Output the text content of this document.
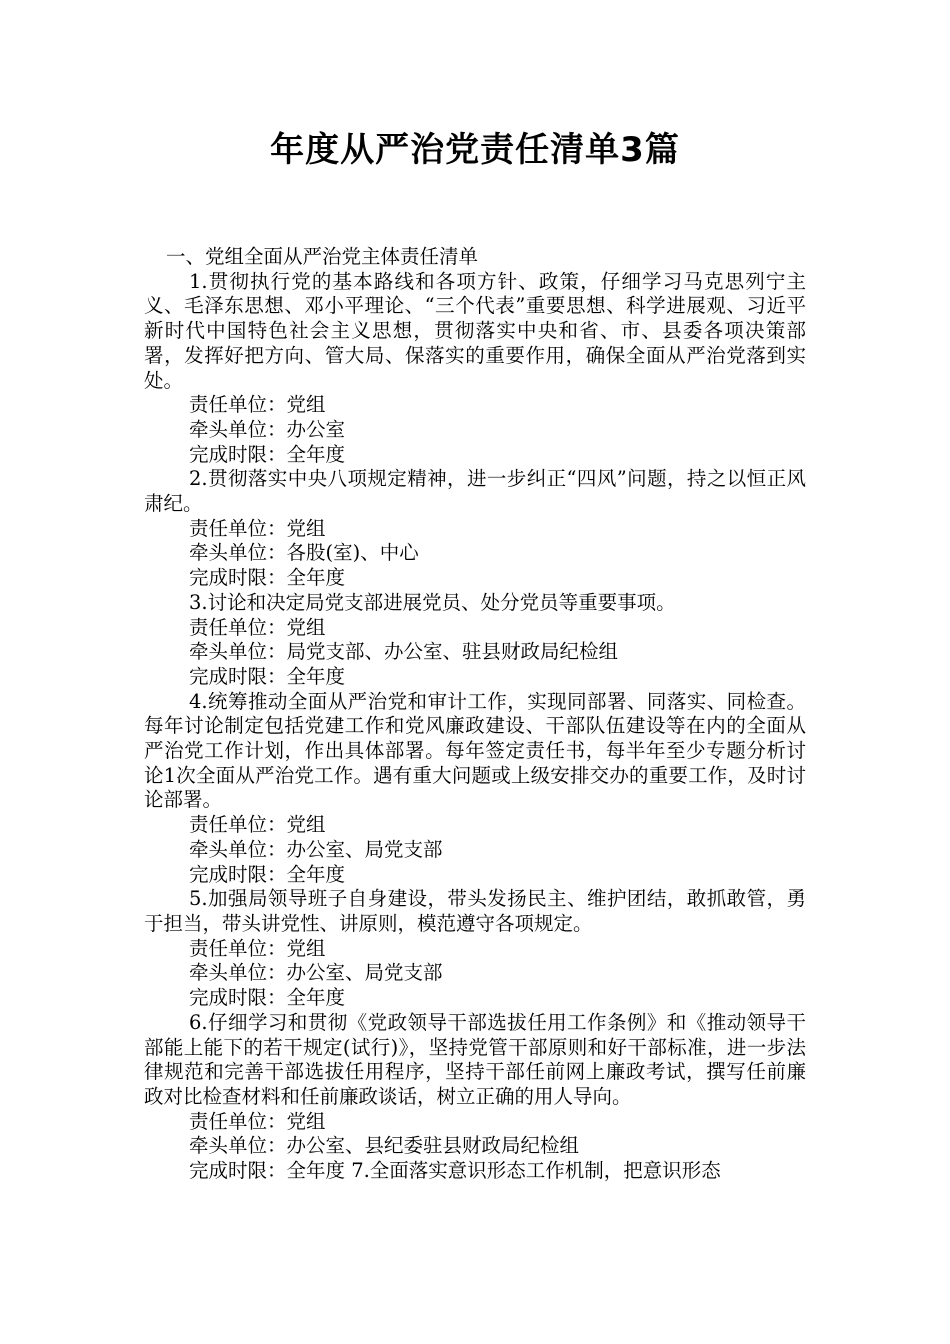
年度从严治党责任清单3篇

一、党组全面从严治党主体责任清单

1.贯彻执行党的基本路线和各项方针、政策，仔细学习马克思列宁主义、毛泽东思想、邓小平理论、“三个代表”重要思想、科学进展观、习近平新时代中国特色社会主义思想，贯彻落实中央和省、市、县委各项决策部署，发挥好把方向、管大局、保落实的重要作用，确保全面从严治党落到实处。

责任单位：党组

牵头单位：办公室

完成时限：全年度

2.贯彻落实中央八项规定精神，进一步纠正“四风”问题，持之以恒正风肃纪。

责任单位：党组

牵头单位：各股(室)、中心

完成时限：全年度

3.讨论和决定局党支部进展党员、处分党员等重要事项。

责任单位：党组

牵头单位：局党支部、办公室、驻县财政局纪检组

完成时限：全年度

4.统筹推动全面从严治党和审计工作，实现同部署、同落实、同检查。每年讨论制定包括党建工作和党风廉政建设、干部队伍建设等在内的全面从严治党工作计划，作出具体部署。每年签定责任书，每半年至少专题分析讨论1次全面从严治党工作。遇有重大问题或上级安排交办的重要工作，及时讨论部署。

责任单位：党组

牵头单位：办公室、局党支部

完成时限：全年度

5.加强局领导班子自身建设，带头发扬民主、维护团结，敢抓敢管，勇于担当，带头讲党性、讲原则，模范遵守各项规定。

责任单位：党组

牵头单位：办公室、局党支部

完成时限：全年度

6.仔细学习和贯彻《党政领导干部选拔任用工作条例》和《推动领导干部能上能下的若干规定(试行)》，坚持党管干部原则和好干部标准，进一步法律规范和完善干部选拔任用程序，坚持干部任前网上廉政考试，撰写任前廉政对比检查材料和任前廉政谈话，树立正确的用人导向。

责任单位：党组

牵头单位：办公室、县纪委驻县财政局纪检组

完成时限：全年度 7.全面落实意识形态工作机制，把意识形态
